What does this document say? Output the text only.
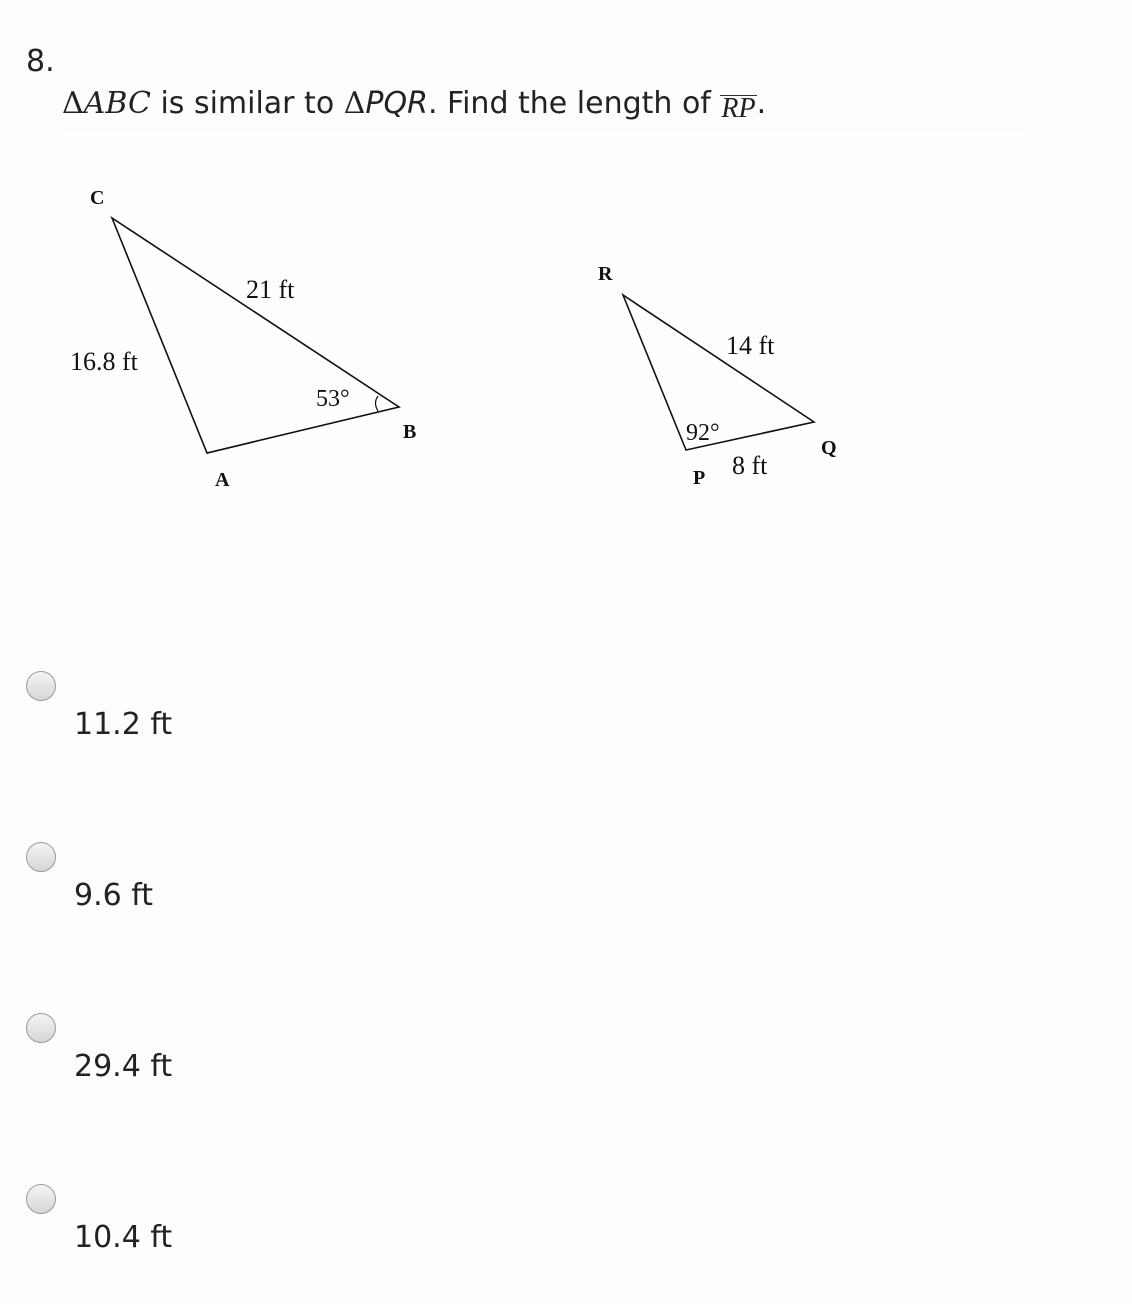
8.
ΔABC is similar to ΔPQR. Find the length of RP.
C
A
B
21 ft
16.8 ft
53°
R
P
Q
14 ft
8 ft
92°
11.2 ft
9.6 ft
29.4 ft
10.4 ft
